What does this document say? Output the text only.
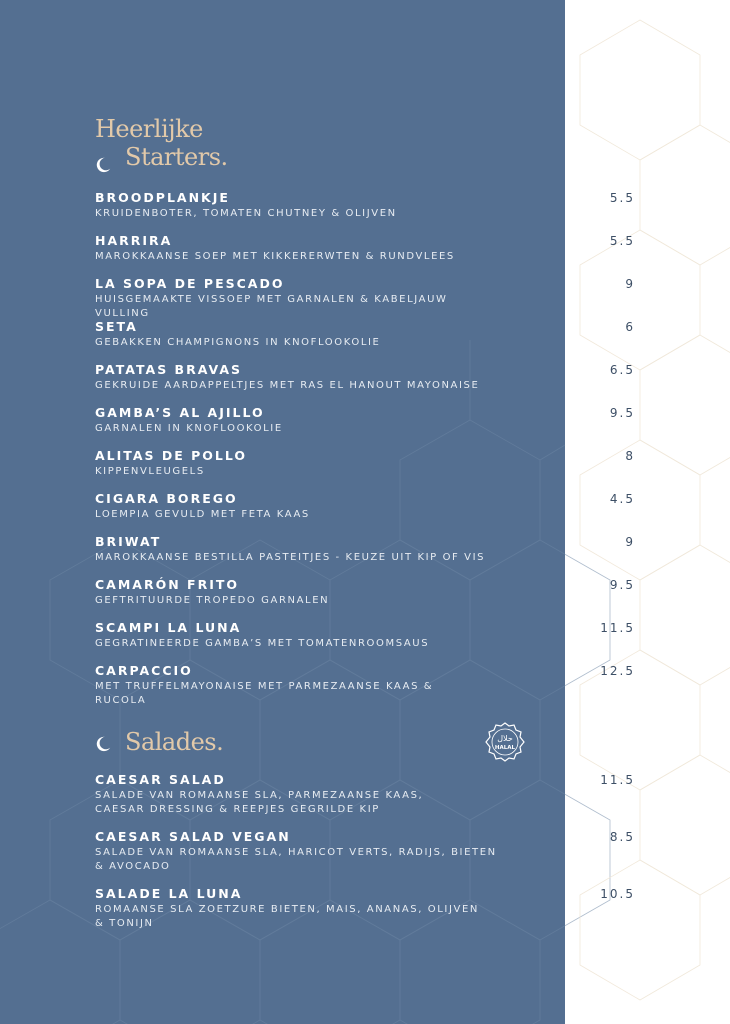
Heerlijke
Starters.
BROODPLANKJE
KRUIDENBOTER, TOMATEN CHUTNEY & OLIJVEN
5.5
HARRIRA
MAROKKAANSE SOEP MET KIKKERERWTEN & RUNDVLEES
5.5
LA SOPA DE PESCADO
HUISGEMAAKTE VISSOEP MET GARNALEN & KABELJAUW VULLING
9
SETA
GEBAKKEN CHAMPIGNONS IN KNOFLOOKOLIE
6
PATATAS BRAVAS
GEKRUIDE AARDAPPELTJES MET RAS EL HANOUT MAYONAISE
6.5
GAMBA’S AL AJILLO
GARNALEN IN KNOFLOOKOLIE
9.5
ALITAS DE POLLO
KIPPENVLEUGELS
8
CIGARA BOREGO
LOEMPIA GEVULD MET FETA KAAS
4.5
BRIWAT
MAROKKAANSE BESTILLA PASTEITJES - KEUZE UIT KIP OF VIS
9
CAMARÓN FRITO
GEFTRITUURDE TROPEDO GARNALEN
9.5
SCAMPI LA LUNA
GEGRATINEERDE GAMBA’S MET TOMATENROOMSAUS
11.5
CARPACCIO
MET TRUFFELMAYONAISE MET PARMEZAANSE KAAS & RUCOLA
12.5
Salades.	حلال
HALAL
CAESAR SALAD
SALADE VAN ROMAANSE SLA, PARMEZAANSE KAAS, CAESAR DRESSING & REEPJES GEGRILDE KIP
11.5
CAESAR SALAD VEGAN
SALADE VAN ROMAANSE SLA, HARICOT VERTS, RADIJS, BIETEN & AVOCADO
8.5
SALADE LA LUNA
ROMAANSE SLA ZOETZURE BIETEN, MAIS, ANANAS, OLIJVEN & TONIJN
10.5
